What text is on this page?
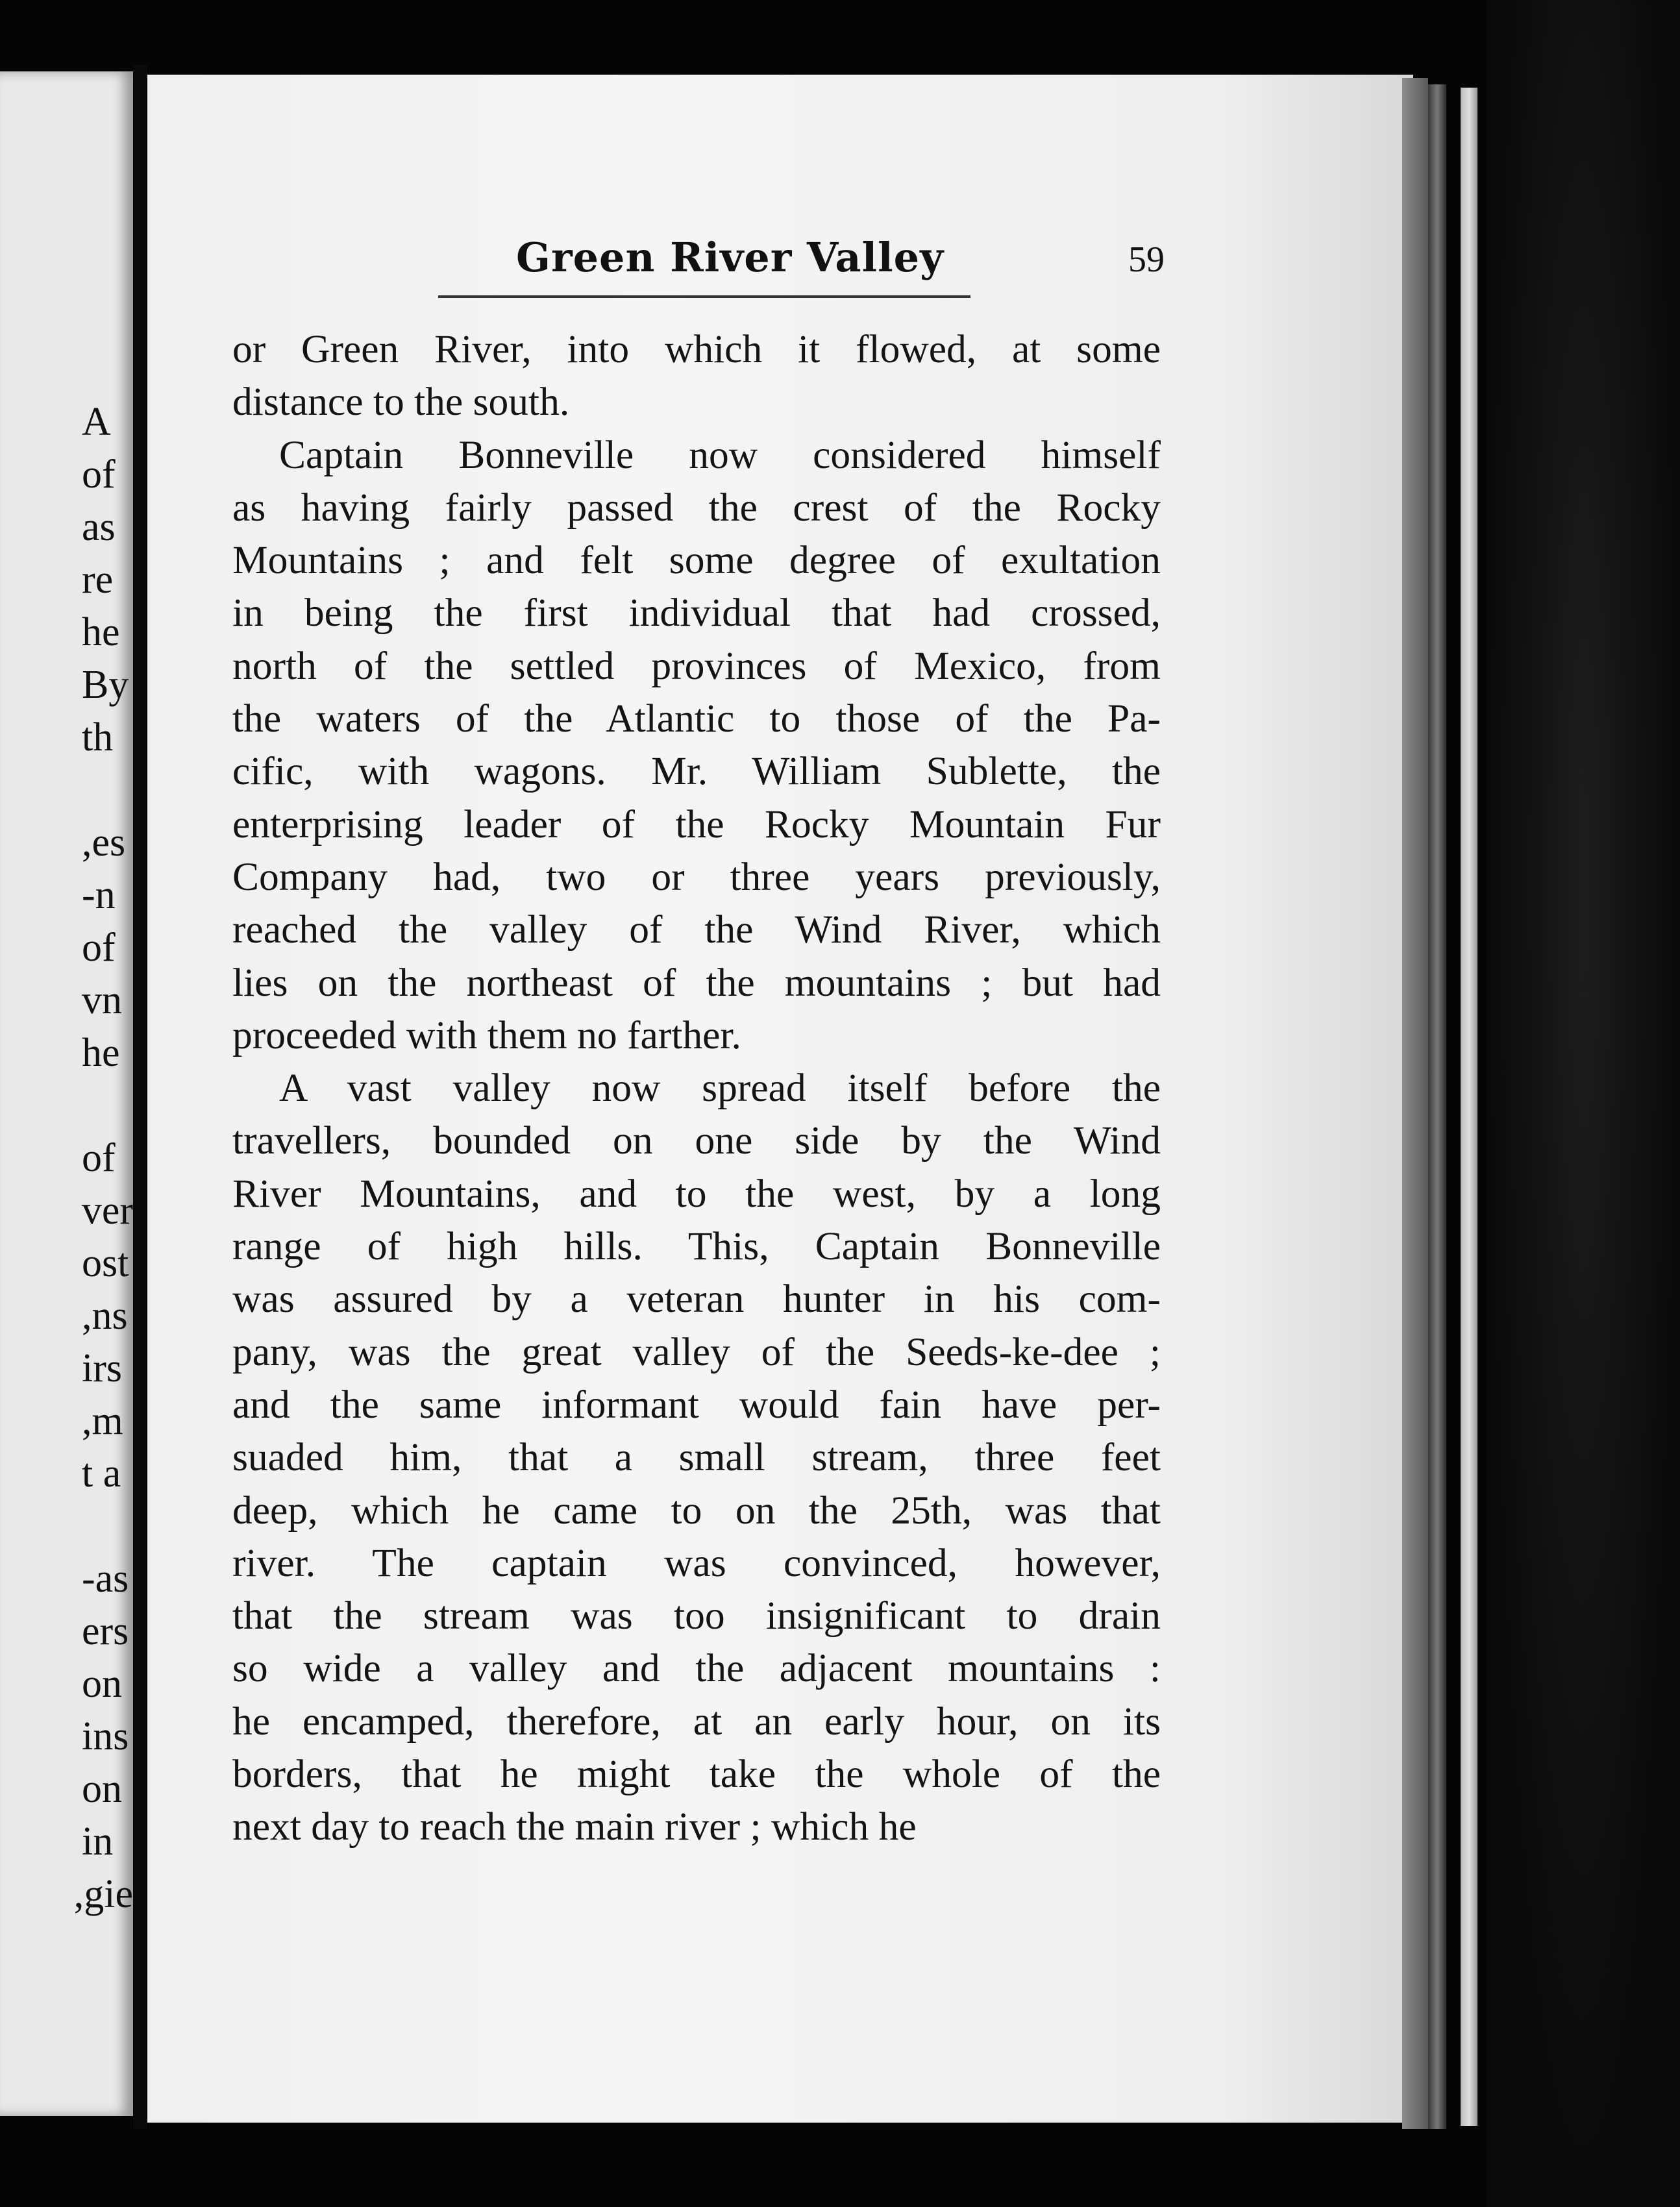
A
of
as
re
he
By
th
es,
n-
of
vn
he
of
ver
ost
ns,
irs
m,
t a
as-
ers
on
ins
on
in
gie,
Green River Valley	59
or Green River, into which it flowed, at some
distance to the south.
Captain Bonneville now considered himself
as having fairly passed the crest of the Rocky
Mountains ; and felt some degree of exultation
in being the first individual that had crossed,
north of the settled provinces of Mexico, from
the waters of the Atlantic to those of the Pa-
cific, with wagons. Mr. William Sublette, the
enterprising leader of the Rocky Mountain Fur
Company had, two or three years previously,
reached the valley of the Wind River, which
lies on the northeast of the mountains ; but had
proceeded with them no farther.
A vast valley now spread itself before the
travellers, bounded on one side by the Wind
River Mountains, and to the west, by a long
range of high hills. This, Captain Bonneville
was assured by a veteran hunter in his com-
pany, was the great valley of the Seeds-ke-dee ;
and the same informant would fain have per-
suaded him, that a small stream, three feet
deep, which he came to on the 25th, was that
river. The captain was convinced, however,
that the stream was too insignificant to drain
so wide a valley and the adjacent mountains :
he encamped, therefore, at an early hour, on its
borders, that he might take the whole of the
next day to reach the main river ; which he
